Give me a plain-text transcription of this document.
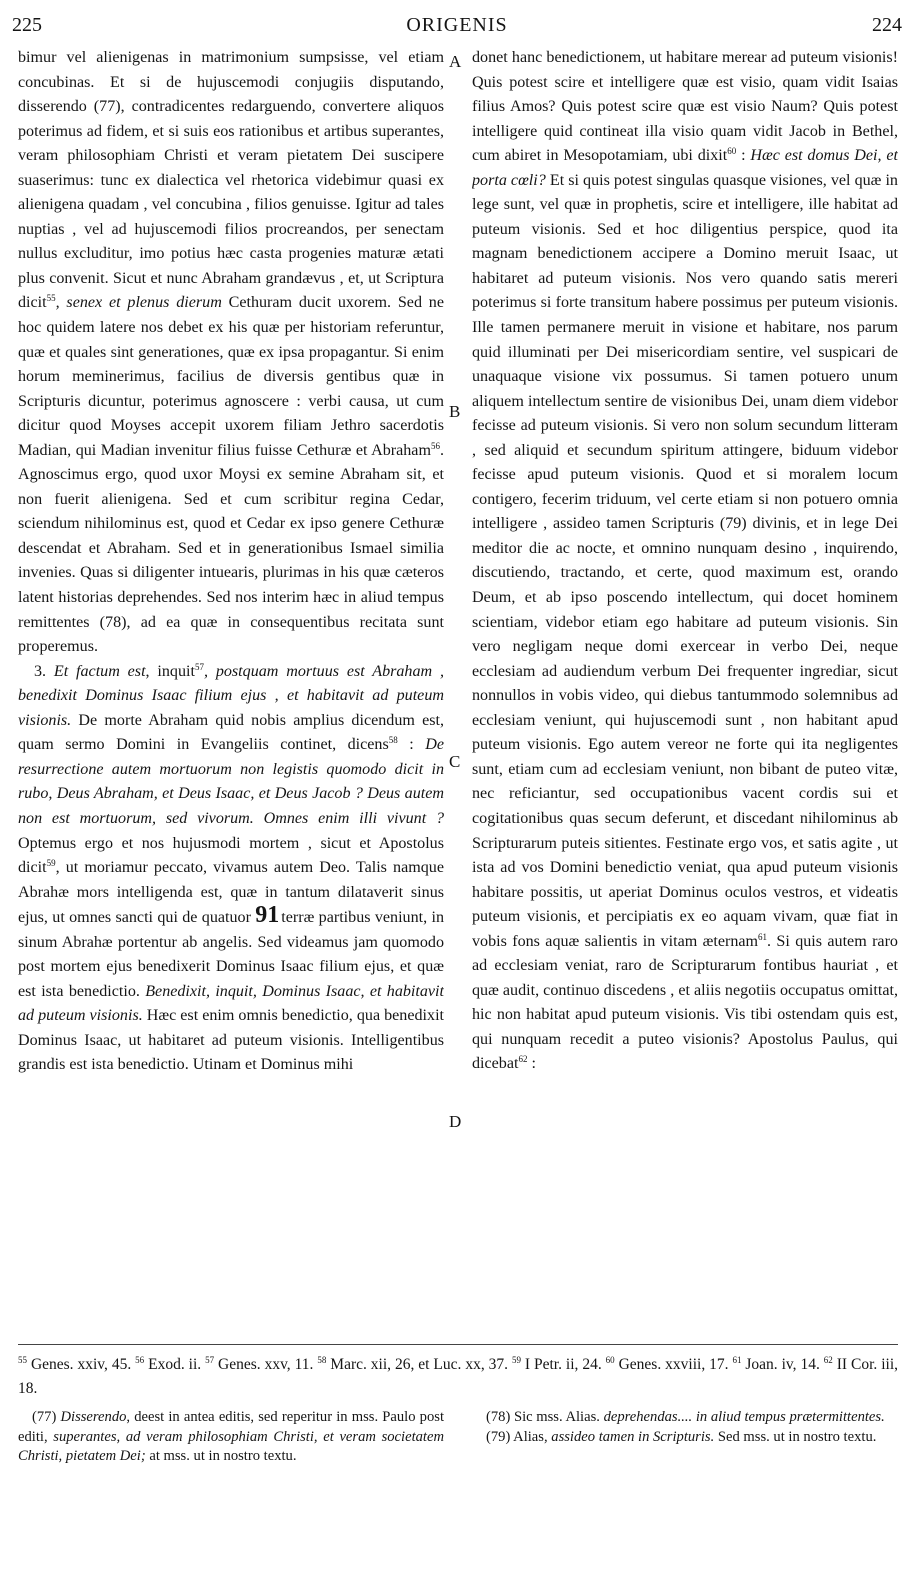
225	ORIGENIS	224
A
B
C
D

bimur vel alienigenas in matrimonium sumpsisse, vel etiam concubinas. Et si de hujuscemodi conjugiis disputando, disserendo (77), contradicentes redarguendo, convertere aliquos poterimus ad fidem, et si suis eos rationibus et artibus superantes, veram philosophiam Christi et veram pietatem Dei suscipere suaserimus: tunc ex dialectica vel rhetorica videbimur quasi ex alienigena quadam , vel concubina , filios genuisse. Igitur ad tales nuptias , vel ad hujuscemodi filios procreandos, per senectam nullus excluditur, imo potius hæc casta progenies maturæ ætati plus convenit. Sicut et nunc Abraham grandævus , et, ut Scriptura dicit$^{55}$, senex et plenus dierum Cethuram ducit uxorem. Sed ne hoc quidem latere nos debet ex his quæ per historiam referuntur, quæ et quales sint generationes, quæ ex ipsa propagantur. Si enim horum meminerimus, facilius de diversis gentibus quæ in Scripturis dicuntur, poterimus agnoscere : verbi causa, ut cum dicitur quod Moyses accepit uxorem filiam Jethro sacerdotis Madian, qui Madian invenitur filius fuisse Cethuræ et Abraham$^{56}$. Agnoscimus ergo, quod uxor Moysi ex semine Abraham sit, et non fuerit alienigena. Sed et cum scribitur regina Cedar, sciendum nihilominus est, quod et Cedar ex ipso genere Cethuræ descendat et Abraham. Sed et in generationibus Ismael similia invenies. Quas si diligenter intuearis, plurimas in his quæ cæteros latent historias deprehendes. Sed nos interim hæc in aliud tempus remittentes (78), ad ea quæ in consequentibus recitata sunt properemus.

3. Et factum est, inquit$^{57}$, postquam mortuus est Abraham , benedixit Dominus Isaac filium ejus , et habitavit ad puteum visionis. De morte Abraham quid nobis amplius dicendum est, quam sermo Domini in Evangeliis continet, dicens$^{58}$ : De resurrectione autem mortuorum non legistis quomodo dicit in rubo, Deus Abraham, et Deus Isaac, et Deus Jacob ? Deus autem non est mortuorum, sed vivorum. Omnes enim illi vivunt ? Optemus ergo et nos hujusmodi mortem , sicut et Apostolus dicit$^{59}$, ut moriamur peccato, vivamus autem Deo. Talis namque Abrahæ mors intelligenda est, quæ in tantum dilataverit sinus ejus, ut omnes sancti qui de quatuor 91 terræ partibus veniunt, in sinum Abrahæ portentur ab angelis. Sed videamus jam quomodo post mortem ejus benedixerit Dominus Isaac filium ejus, et quæ est ista benedictio. Benedixit, inquit, Dominus Isaac, et habitavit ad puteum visionis. Hæc est enim omnis benedictio, qua benedixit Dominus Isaac, ut habitaret ad puteum visionis. Intelligentibus grandis est ista benedictio. Utinam et Dominus mihi

donet hanc benedictionem, ut habitare merear ad puteum visionis! Quis potest scire et intelligere quæ est visio, quam vidit Isaias filius Amos? Quis potest scire quæ est visio Naum? Quis potest intelligere quid contineat illa visio quam vidit Jacob in Bethel, cum abiret in Mesopotamiam, ubi dixit$^{60}$ : Hæc est domus Dei, et porta cœli? Et si quis potest singulas quasque visiones, vel quæ in lege sunt, vel quæ in prophetis, scire et intelligere, ille habitat ad puteum visionis. Sed et hoc diligentius perspice, quod ita magnam benedictionem accipere a Domino meruit Isaac, ut habitaret ad puteum visionis. Nos vero quando satis mereri poterimus si forte transitum habere possimus per puteum visionis. Ille tamen permanere meruit in visione et habitare, nos parum quid illuminati per Dei misericordiam sentire, vel suspicari de unaquaque visione vix possumus. Si tamen potuero unum aliquem intellectum sentire de visionibus Dei, unam diem videbor fecisse ad puteum visionis. Si vero non solum secundum litteram , sed aliquid et secundum spiritum attingere, biduum videbor fecisse apud puteum visionis. Quod et si moralem locum contigero, fecerim triduum, vel certe etiam si non potuero omnia intelligere , assideo tamen Scripturis (79) divinis, et in lege Dei meditor die ac nocte, et omnino nunquam desino , inquirendo, discutiendo, tractando, et certe, quod maximum est, orando Deum, et ab ipso poscendo intellectum, qui docet hominem scientiam, videbor etiam ego habitare ad puteum visionis. Sin vero negligam neque domi exercear in verbo Dei, neque ecclesiam ad audiendum verbum Dei frequenter ingrediar, sicut nonnullos in vobis video, qui diebus tantummodo solemnibus ad ecclesiam veniunt, qui hujuscemodi sunt , non habitant apud puteum visionis. Ego autem vereor ne forte qui ita negligentes sunt, etiam cum ad ecclesiam veniunt, non bibant de puteo vitæ, nec reficiantur, sed occupationibus vacent cordis sui et cogitationibus quas secum deferunt, et discedant nihilominus ab Scripturarum puteis sitientes. Festinate ergo vos, et satis agite , ut ista ad vos Domini benedictio veniat, qua apud puteum visionis habitare possitis, ut aperiat Dominus oculos vestros, et videatis puteum visionis, et percipiatis ex eo aquam vivam, quæ fiat in vobis fons aquæ salientis in vitam æternam$^{61}$. Si quis autem raro ad ecclesiam veniat, raro de Scripturarum fontibus hauriat , et quæ audit, continuo discedens , et aliis negotiis occupatus omittat, hic non habitat apud puteum visionis. Vis tibi ostendam quis est, qui nunquam recedit a puteo visionis? Apostolus Paulus, qui dicebat$^{62}$ :

$^{55}$ Genes. xxiv, 45. $^{56}$ Exod. ii. $^{57}$ Genes. xxv, 11. $^{58}$ Marc. xii, 26, et Luc. xx, 37. $^{59}$ I Petr. ii, 24. $^{60}$ Genes. xxviii, 17. $^{61}$ Joan. iv, 14. $^{62}$ II Cor. iii, 18.

(77) Disserendo, deest in antea editis, sed reperitur in mss. Paulo post editi, superantes, ad veram philosophiam Christi, et veram societatem Christi, pietatem Dei; at mss. ut in nostro textu.

(78) Sic mss. Alias. deprehendas.... in aliud tempus prætermittentes.

(79) Alias, assideo tamen in Scripturis. Sed mss. ut in nostro textu.
